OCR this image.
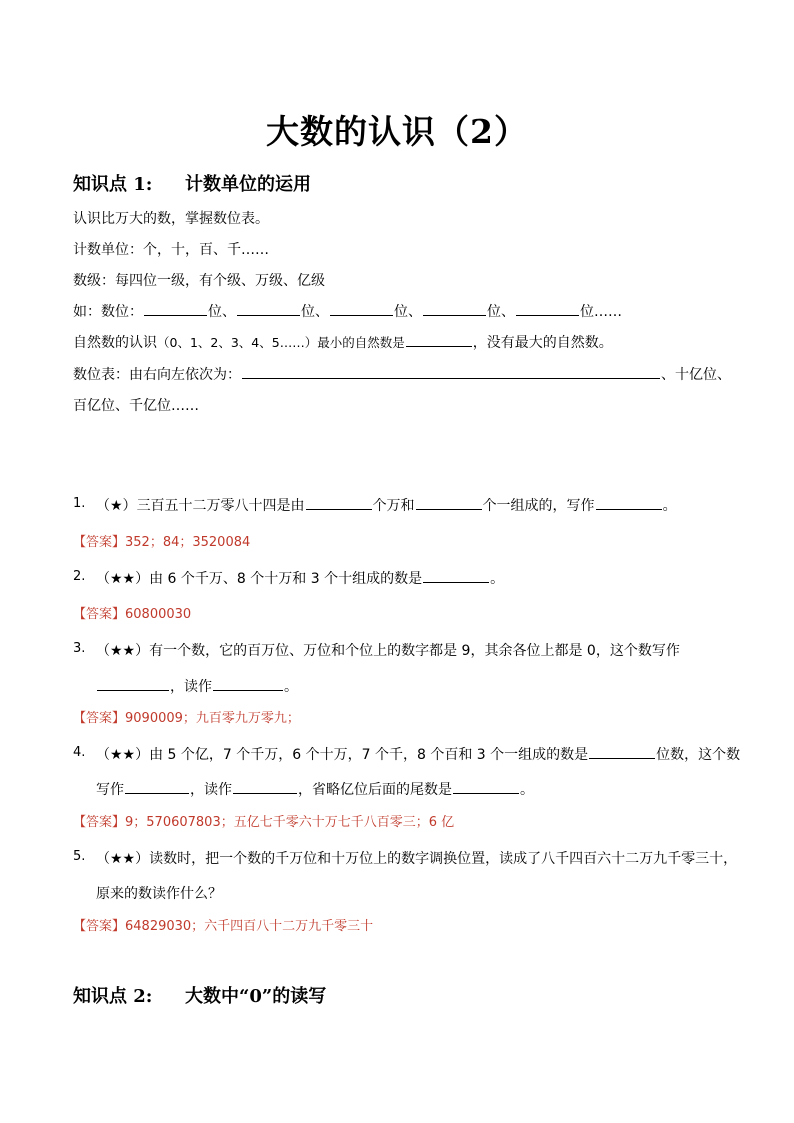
大数的认识（2）
知识点 1: 计数单位的运用
认识比万大的数，掌握数位表。
计数单位：个，十，百、千……
数级：每四位一级，有个级、万级、亿级
如：数位：	位、	位、	位、	位、	位……
自然数的认识（0、1、2、3、4、5……）最小的自然数是	，没有最大的自然数。
数位表：由右向左依次为：	、十亿位、
百亿位、千亿位……
1. （★）三百五十二万零八十四是由	个万和	个一组成的，写作	。
【答案】352；84；3520084
2. （★★）由 6 个千万、8 个十万和 3 个十组成的数是	。
【答案】60800030
3. （★★）有一个数，它的百万位、万位和个位上的数字都是 9，其余各位上都是 0，这个数写作
，读作	。
【答案】9090009；九百零九万零九；
4. （★★）由 5 个亿，7 个千万，6 个十万，7 个千，8 个百和 3 个一组成的数是	位数，这个数
写作	，读作	，省略亿位后面的尾数是	。
【答案】9；570607803；五亿七千零六十万七千八百零三；6 亿
5. （★★）读数时，把一个数的千万位和十万位上的数字调换位置，读成了八千四百六十二万九千零三十，
原来的数读作什么？
【答案】64829030；六千四百八十二万九千零三十
知识点 2: 大数中“0”的读写
